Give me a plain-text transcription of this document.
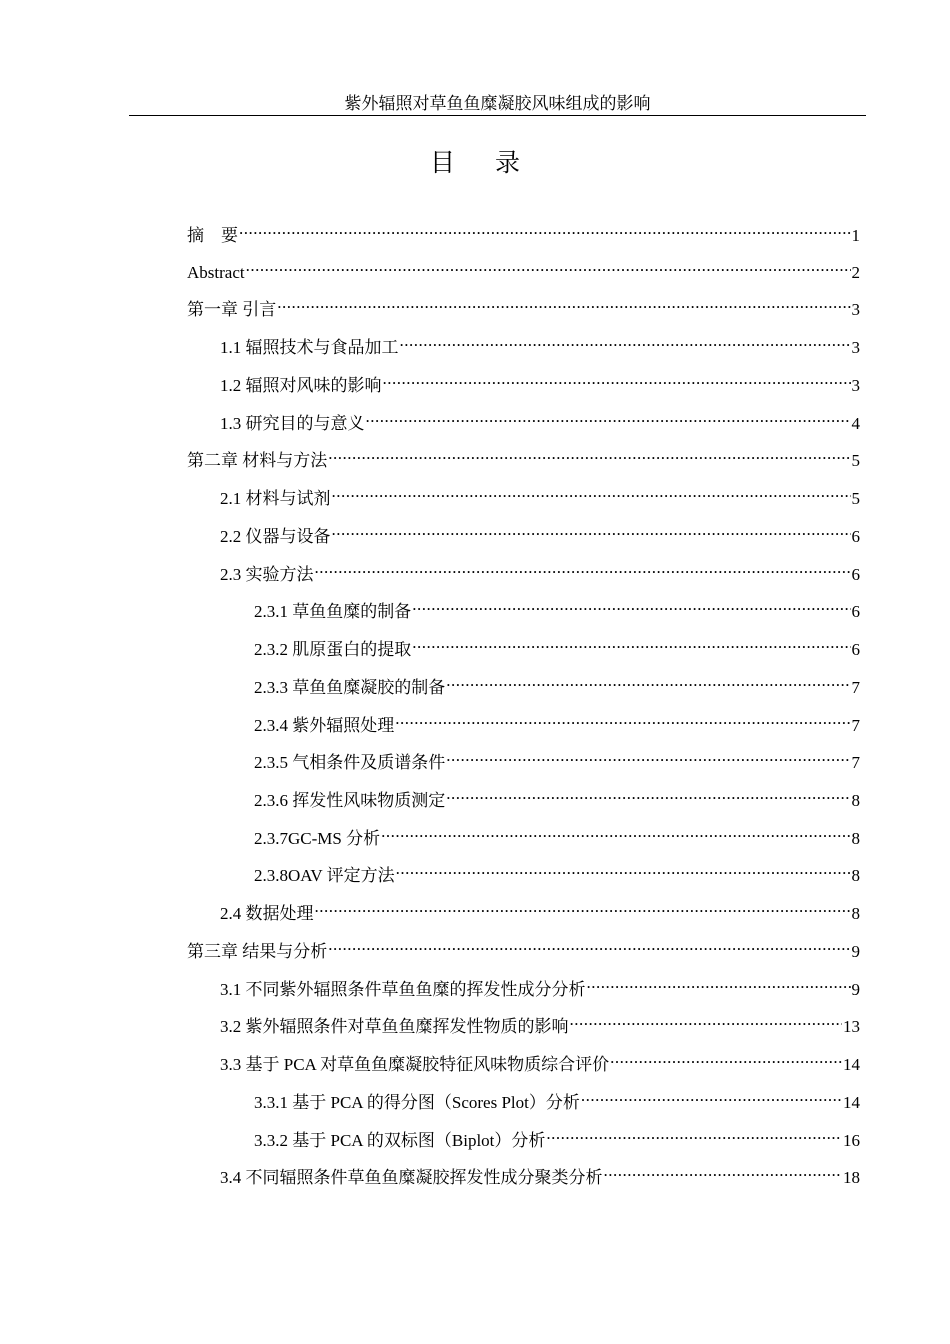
紫外辐照对草鱼鱼糜凝胶风味组成的影响
目录
摘　要 .....	1
Abstract .....	2
第一章 引言 .....	3
1.1 辐照技术与食品加工 .....	3
1.2 辐照对风味的影响 .....	3
1.3 研究目的与意义 .....	4
第二章 材料与方法 .....	5
2.1 材料与试剂 .....	5
2.2 仪器与设备 .....	6
2.3 实验方法 .....	6
2.3.1 草鱼鱼糜的制备 .....	6
2.3.2 肌原蛋白的提取 .....	6
2.3.3 草鱼鱼糜凝胶的制备 .....	7
2.3.4 紫外辐照处理 .....	7
2.3.5 气相条件及质谱条件 .....	7
2.3.6 挥发性风味物质测定 .....	8
2.3.7GC-MS 分析 .....	8
2.3.8OAV 评定方法 .....	8
2.4 数据处理 .....	8
第三章 结果与分析 .....	9
3.1 不同紫外辐照条件草鱼鱼糜的挥发性成分分析 .....	9
3.2 紫外辐照条件对草鱼鱼糜挥发性物质的影响 .....	13
3.3 基于 PCA 对草鱼鱼糜凝胶特征风味物质综合评价 .....	14
3.3.1 基于 PCA 的得分图（Scores Plot）分析 .....	14
3.3.2 基于 PCA 的双标图（Biplot）分析 .....	16
3.4 不同辐照条件草鱼鱼糜凝胶挥发性成分聚类分析 .....	18
